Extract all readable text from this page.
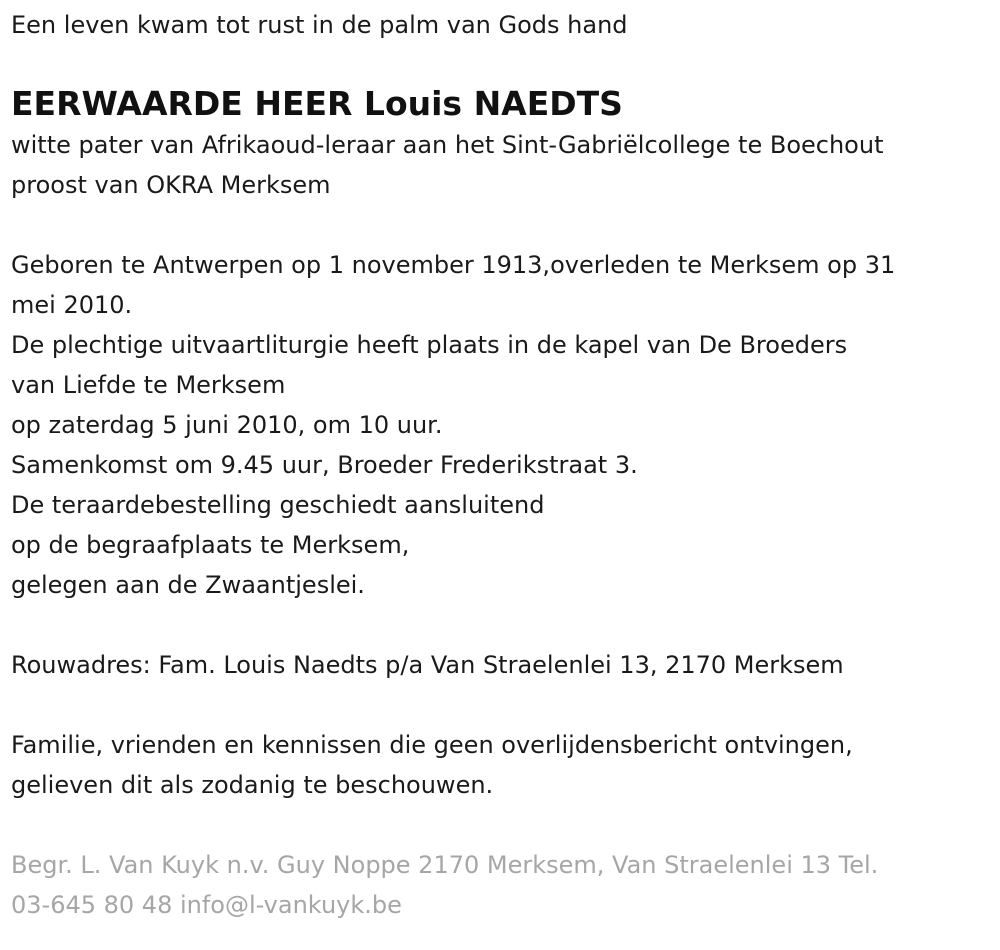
Een leven kwam tot rust in de palm van Gods hand
EERWAARDE HEER Louis NAEDTS
witte pater van Afrikaoud-leraar aan het Sint-Gabriëlcollege te Boechout
proost van OKRA Merksem
Geboren te Antwerpen op 1 november 1913,overleden te Merksem op 31
mei 2010.
De plechtige uitvaartliturgie heeft plaats in de kapel van De Broeders
van Liefde te Merksem
op zaterdag 5 juni 2010, om 10 uur.
Samenkomst om 9.45 uur, Broeder Frederikstraat 3.
De teraardebestelling geschiedt aansluitend
op de begraafplaats te Merksem,
gelegen aan de Zwaantjeslei.
Rouwadres: Fam. Louis Naedts p/a Van Straelenlei 13, 2170 Merksem
Familie, vrienden en kennissen die geen overlijdensbericht ontvingen,
gelieven dit als zodanig te beschouwen.
Begr. L. Van Kuyk n.v. Guy Noppe 2170 Merksem, Van Straelenlei 13 Tel.
03-645 80 48 info@l-vankuyk.be
